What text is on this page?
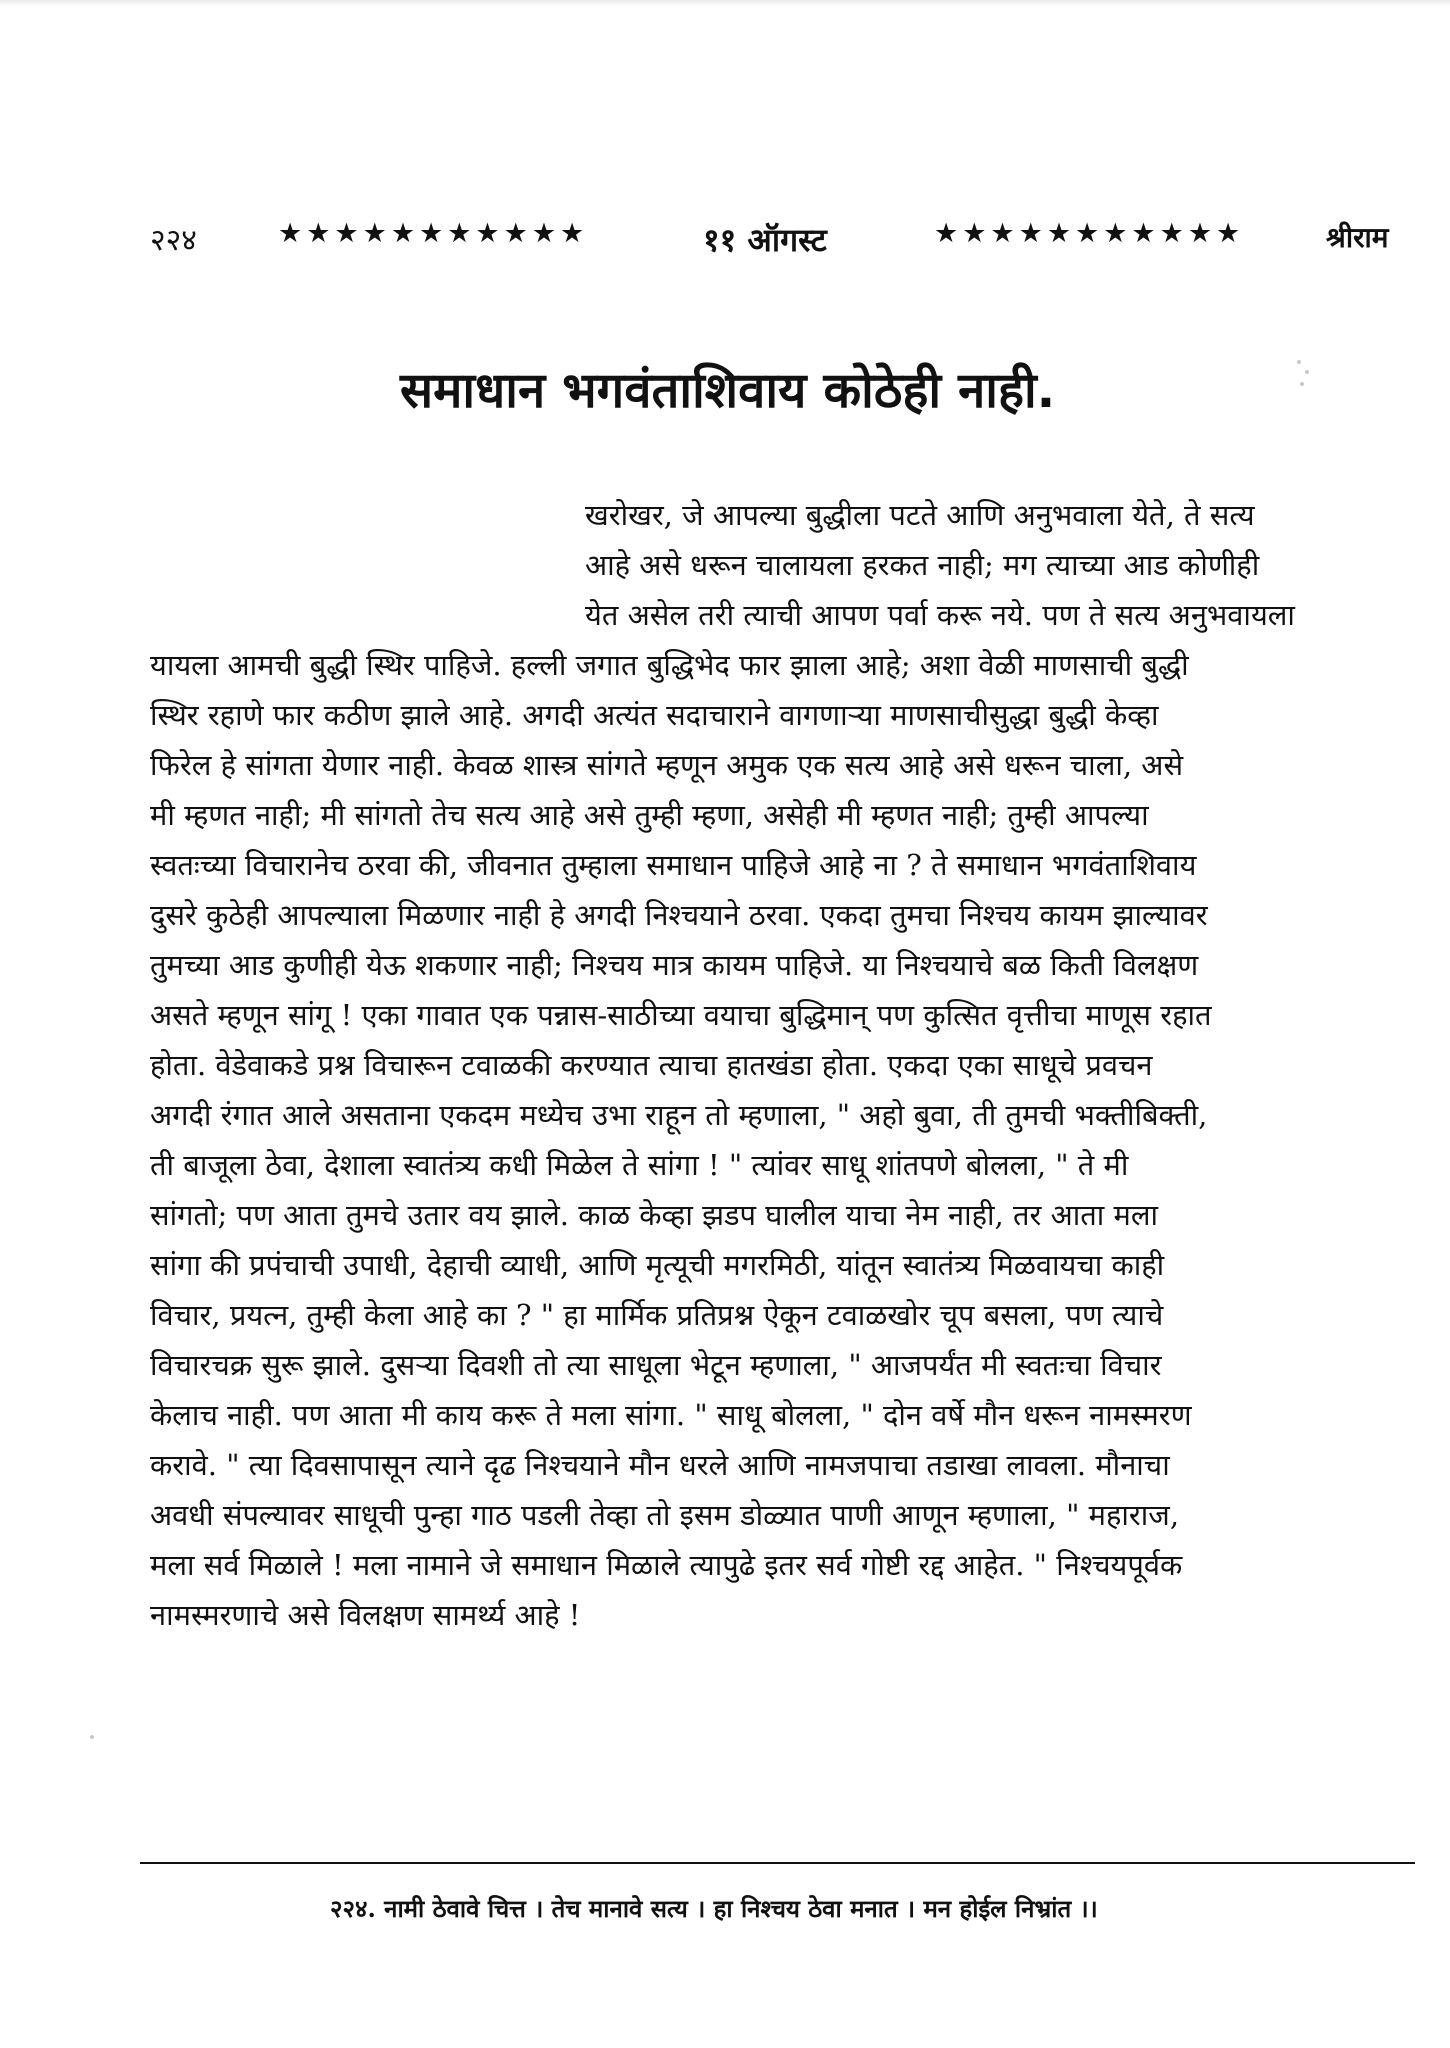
२२४	★★★★★★★★★★★	११ ऑगस्ट	★★★★★★★★★★★	श्रीराम
समाधान भगवंताशिवाय कोठेही नाही.
खरोखर, जे आपल्या बुद्धीला पटते आणि अनुभवाला येते, ते सत्य
आहे असे धरून चालायला हरकत नाही; मग त्याच्या आड कोणीही
येत असेल तरी त्याची आपण पर्वा करू नये. पण ते सत्य अनुभवायला
यायला आमची बुद्धी स्थिर पाहिजे. हल्ली जगात बुद्धिभेद फार झाला आहे; अशा वेळी माणसाची बुद्धी
स्थिर रहाणे फार कठीण झाले आहे. अगदी अत्यंत सदाचाराने वागणाऱ्या माणसाचीसुद्धा बुद्धी केव्हा
फिरेल हे सांगता येणार नाही. केवळ शास्त्र सांगते म्हणून अमुक एक सत्य आहे असे धरून चाला, असे
मी म्हणत नाही; मी सांगतो तेच सत्य आहे असे तुम्ही म्हणा, असेही मी म्हणत नाही; तुम्ही आपल्या
स्वतःच्या विचारानेच ठरवा की, जीवनात तुम्हाला समाधान पाहिजे आहे ना ? ते समाधान भगवंताशिवाय
दुसरे कुठेही आपल्याला मिळणार नाही हे अगदी निश्चयाने ठरवा. एकदा तुमचा निश्चय कायम झाल्यावर
तुमच्या आड कुणीही येऊ शकणार नाही; निश्चय मात्र कायम पाहिजे. या निश्चयाचे बळ किती विलक्षण
असते म्हणून सांगू ! एका गावात एक पन्नास-साठीच्या वयाचा बुद्धिमान् पण कुत्सित वृत्तीचा माणूस रहात
होता. वेडेवाकडे प्रश्न विचारून टवाळकी करण्यात त्याचा हातखंडा होता. एकदा एका साधूचे प्रवचन
अगदी रंगात आले असताना एकदम मध्येच उभा राहून तो म्हणाला, " अहो बुवा, ती तुमची भक्तीबिक्ती,
ती बाजूला ठेवा, देशाला स्वातंत्र्य कधी मिळेल ते सांगा ! " त्यांवर साधू शांतपणे बोलला, " ते मी
सांगतो; पण आता तुमचे उतार वय झाले. काळ केव्हा झडप घालील याचा नेम नाही, तर आता मला
सांगा की प्रपंचाची उपाधी, देहाची व्याधी, आणि मृत्यूची मगरमिठी, यांतून स्वातंत्र्य मिळवायचा काही
विचार, प्रयत्न, तुम्ही केला आहे का ? " हा मार्मिक प्रतिप्रश्न ऐकून टवाळखोर चूप बसला, पण त्याचे
विचारचक्र सुरू झाले. दुसऱ्या दिवशी तो त्या साधूला भेटून म्हणाला, " आजपर्यंत मी स्वतःचा विचार
केलाच नाही. पण आता मी काय करू ते मला सांगा. " साधू बोलला, " दोन वर्षे मौन धरून नामस्मरण
करावे. " त्या दिवसापासून त्याने दृढ निश्चयाने मौन धरले आणि नामजपाचा तडाखा लावला. मौनाचा
अवधी संपल्यावर साधूची पुन्हा गाठ पडली तेव्हा तो इसम डोळ्यात पाणी आणून म्हणाला, " महाराज,
मला सर्व मिळाले ! मला नामाने जे समाधान मिळाले त्यापुढे इतर सर्व गोष्टी रद्द आहेत. " निश्चयपूर्वक
नामस्मरणाचे असे विलक्षण सामर्थ्य आहे !
२२४. नामी ठेवावे चित्त । तेच मानावे सत्य । हा निश्चय ठेवा मनात । मन होईल निभ्रांत ।।
